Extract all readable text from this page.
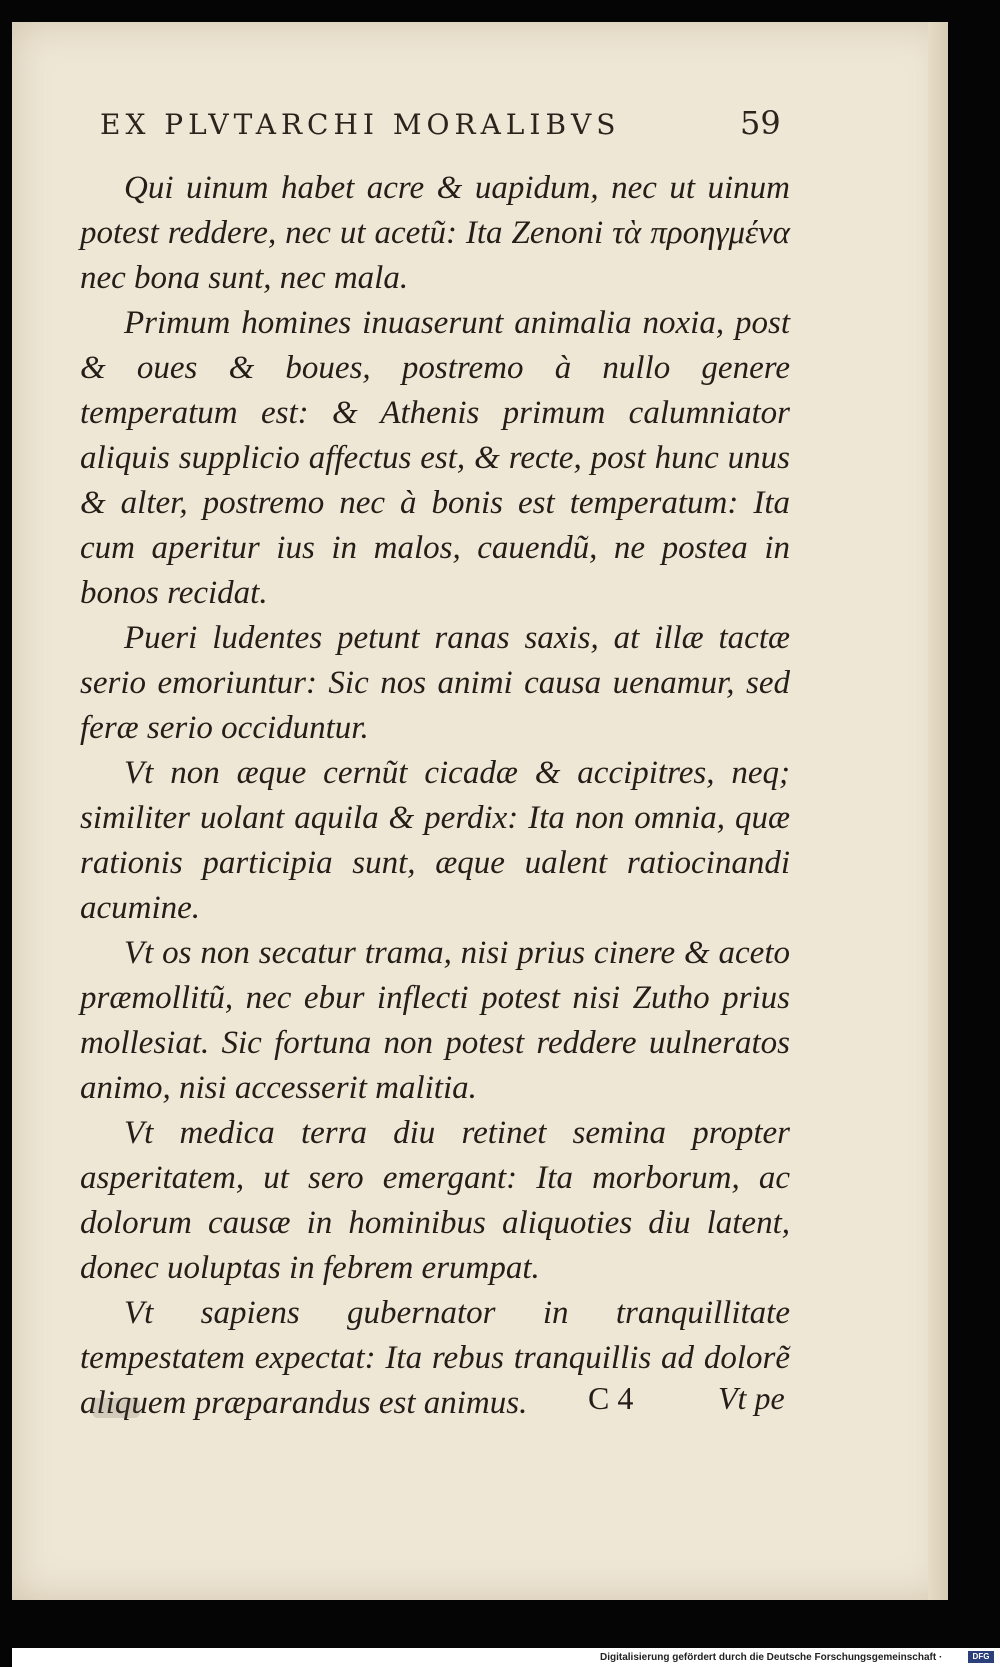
EX PLVTARCHI MORALIBVS	59

Qui uinum habet acre & uapidum, nec ut uinum potest reddere, nec ut acetũ: Ita Zenoni τὰ προηγμένα nec bona sunt, nec mala.

Primum homines inuaserunt animalia noxia, post & oues & boues, postremo à nullo genere temperatum est: & Athenis primum calumniator aliquis supplicio affectus est, & recte, post hunc unus & alter, postremo nec à bonis est temperatum: Ita cum aperitur ius in malos, cauendũ, ne postea in bonos recidat.

Pueri ludentes petunt ranas saxis, at illæ tactæ serio emoriuntur: Sic nos animi causa uenamur, sed feræ serio occiduntur.

Vt non æque cernũt cicadæ & accipitres, neq; similiter uolant aquila & perdix: Ita non omnia, quæ rationis participia sunt, æque ualent ratiocinandi acumine.

Vt os non secatur trama, nisi prius cinere & aceto præmollitũ, nec ebur inflecti potest nisi Zutho prius mollesiat. Sic fortuna non potest reddere uulneratos animo, nisi accesserit malitia.

Vt medica terra diu retinet semina propter asperitatem, ut sero emergant: Ita morborum, ac dolorum causæ in hominibus aliquoties diu latent, donec uoluptas in febrem erumpat.

Vt sapiens gubernator in tranquillitate tempestatem expectat: Ita rebus tranquillis ad dolorẽ aliquem præparandus est animus.	C 4	Vt pe
Digitalisierung gefördert durch die Deutsche Forschungsgemeinschaft ·	DFG
